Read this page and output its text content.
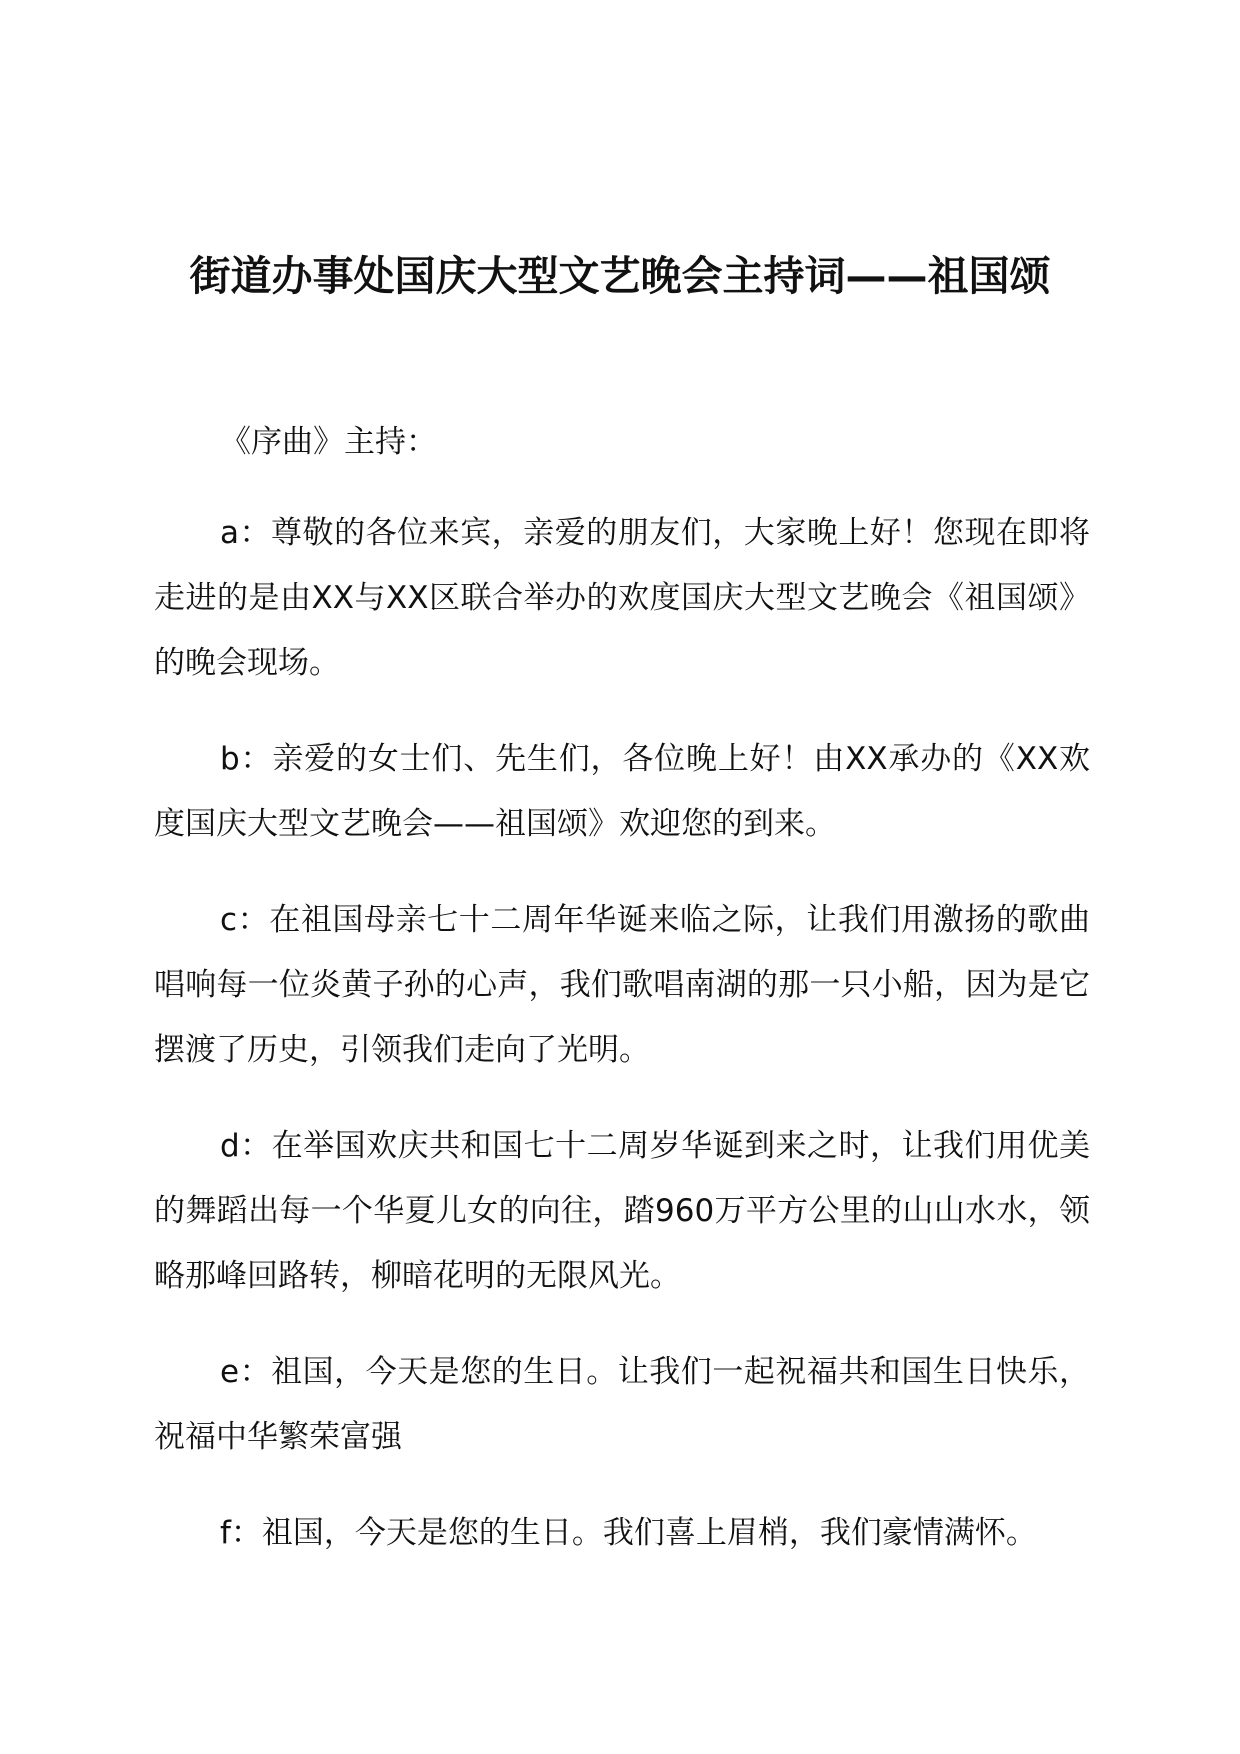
街道办事处国庆大型文艺晚会主持词——祖国颂

《序曲》主持：

a：尊敬的各位来宾，亲爱的朋友们，大家晚上好！您现在即将走进的是由XX与XX区联合举办的欢度国庆大型文艺晚会《祖国颂》的晚会现场。

b：亲爱的女士们、先生们，各位晚上好！由XX承办的《XX欢度国庆大型文艺晚会——祖国颂》欢迎您的到来。

c：在祖国母亲七十二周年华诞来临之际，让我们用激扬的歌曲唱响每一位炎黄子孙的心声，我们歌唱南湖的那一只小船，因为是它摆渡了历史，引领我们走向了光明。

d：在举国欢庆共和国七十二周岁华诞到来之时，让我们用优美的舞蹈出每一个华夏儿女的向往，踏960万平方公里的山山水水，领略那峰回路转，柳暗花明的无限风光。

e：祖国，今天是您的生日。让我们一起祝福共和国生日快乐，祝福中华繁荣富强

f：祖国，今天是您的生日。我们喜上眉梢，我们豪情满怀。
